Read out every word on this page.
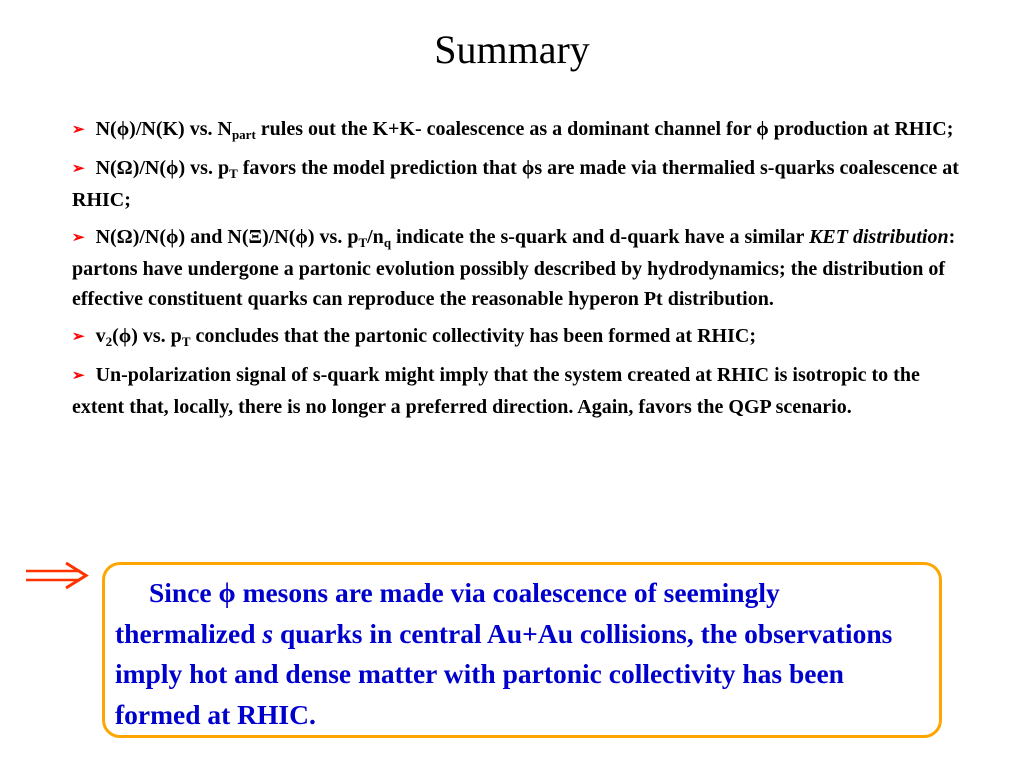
Summary
➢ N(ϕ)/N(K) vs. $N_{part}$ rules out the K+K- coalescence as a dominant channel for ϕ production at RHIC;
➢ N(Ω)/N(ϕ) vs. $p_T$ favors the model prediction that ϕs are made via thermalied s-quarks coalescence at RHIC;
➢ N(Ω)/N(ϕ) and N(Ξ)/N(ϕ) vs. $p_T/n_q$ indicate the s-quark and d-quark have a similar KET distribution: partons have undergone a partonic evolution possibly described by hydrodynamics; the distribution of effective constituent quarks can reproduce the reasonable hyperon Pt distribution.
➢ $v_2(\phi)$ vs. $p_T$ concludes that the partonic collectivity has been formed at RHIC;
➢ Un-polarization signal of s-quark might imply that the system created at RHIC is isotropic to the extent that, locally, there is no longer a preferred direction. Again, favors the QGP scenario.

Since ϕ mesons are made via coalescence of seemingly thermalized s quarks in central Au+Au collisions, the observations imply hot and dense matter with partonic collectivity has been formed at RHIC.
